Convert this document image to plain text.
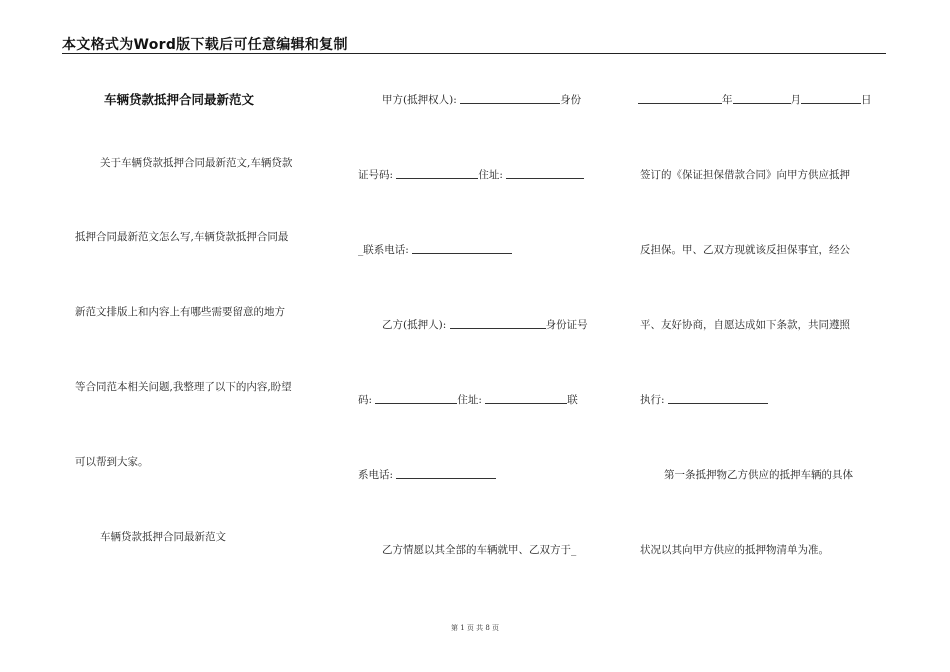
本文格式为Word版下载后可任意编辑和复制
车辆贷款抵押合同最新范文
关于车辆贷款抵押合同最新范文,车辆贷款
抵押合同最新范文怎么写,车辆贷款抵押合同最
新范文排版上和内容上有哪些需要留意的地方
等合同范本相关问题,我整理了以下的内容,盼望
可以帮到大家。
车辆贷款抵押合同最新范文
甲方(抵押权人):	身份
证号码:	住址:
_联系电话:
乙方(抵押人):	身份证号
码:	住址:	联
系电话:
乙方情愿以其全部的车辆就甲、乙双方于_
年	月	日
签订的《保证担保借款合同》向甲方供应抵押
反担保。甲、乙双方现就该反担保事宜，经公
平、友好协商，自愿达成如下条款，共同遵照
执行:
第一条抵押物乙方供应的抵押车辆的具体
状况以其向甲方供应的抵押物清单为准。
第 1 页 共 8 页
